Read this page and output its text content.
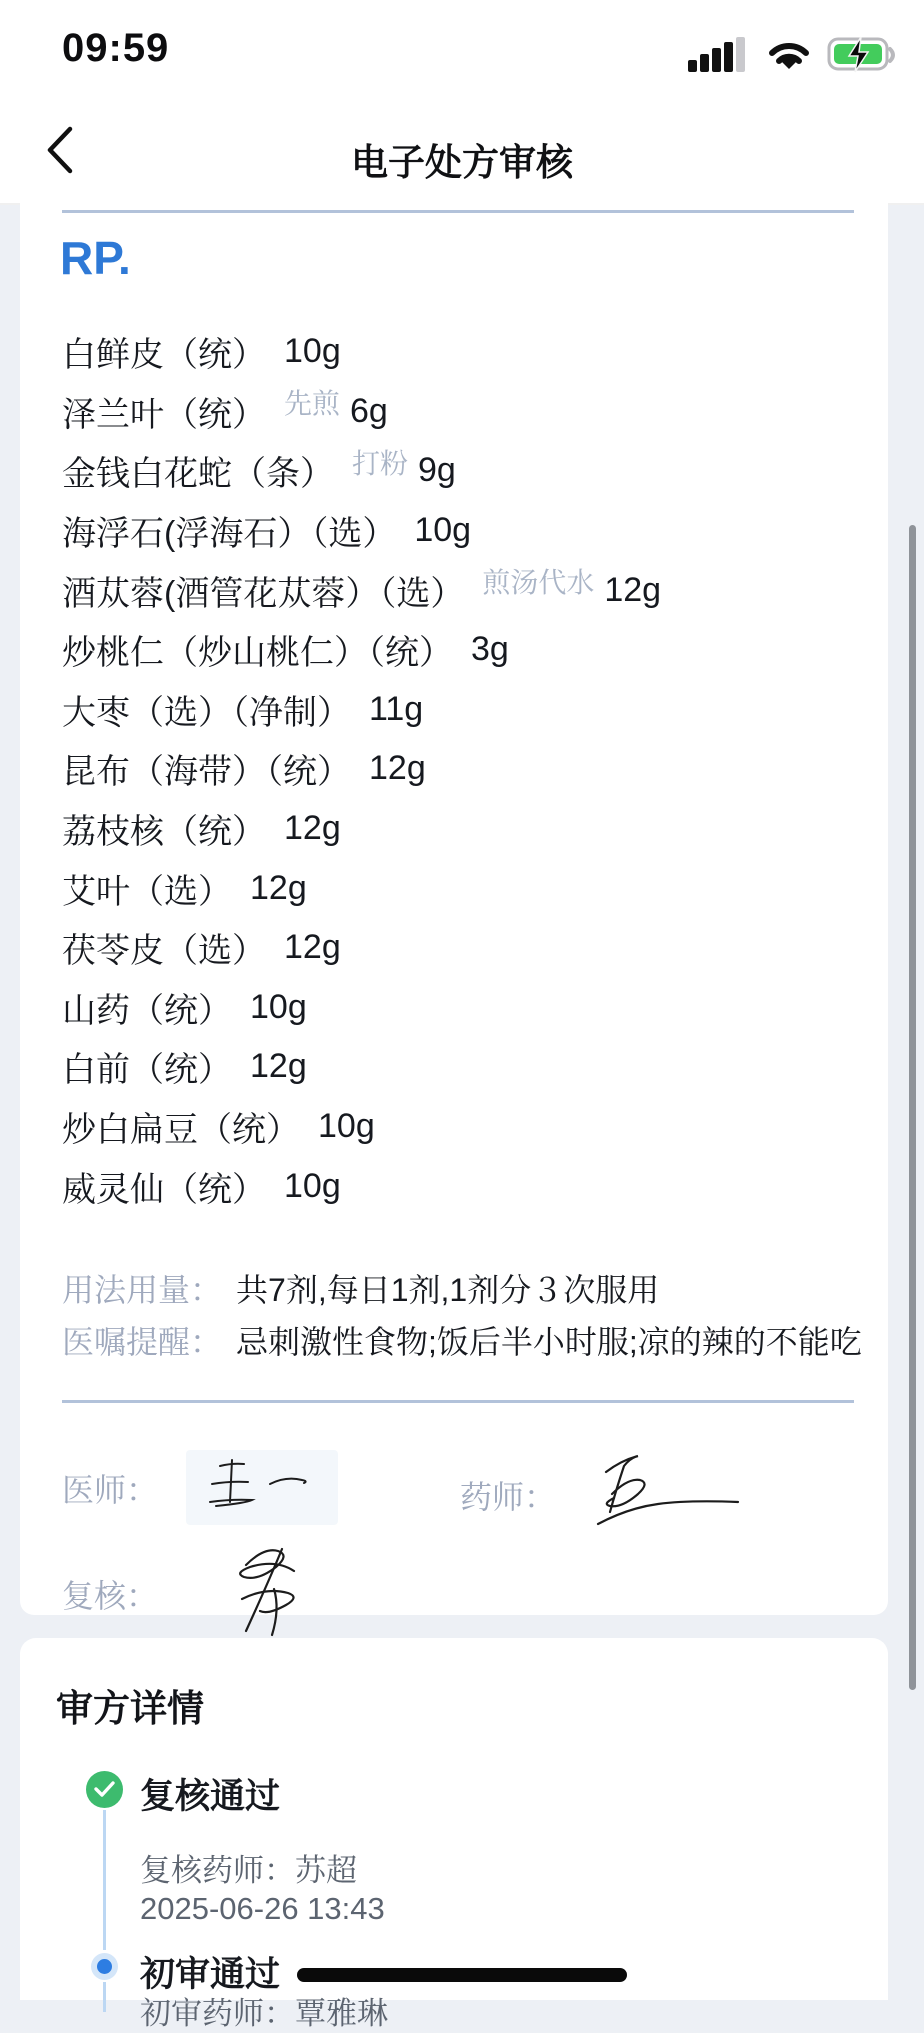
09:59
电子处方审核
RP.
白鲜皮（统） 10g
泽兰叶（统） 先煎 6g
金钱白花蛇（条） 打粉 9g
海浮石(浮海石）（选） 10g
酒苁蓉(酒管花苁蓉）（选） 煎汤代水 12g
炒桃仁（炒山桃仁）（统） 3g
大枣（选）（净制） 11g
昆布（海带）（统） 12g
荔枝核（统） 12g
艾叶（选） 12g
茯苓皮（选） 12g
山药（统） 10g
白前（统） 12g
炒白扁豆（统） 10g
威灵仙（统） 10g
用法用量： 共7剂,每日1剂,1剂分３次服用
医嘱提醒： 忌刺激性食物;饭后半小时服;凉的辣的不能吃
医师：	药师：
复核：
审方详情
复核通过
复核药师：苏超
2025-06-26 13:43
初审通过
初审药师：覃雅琳
